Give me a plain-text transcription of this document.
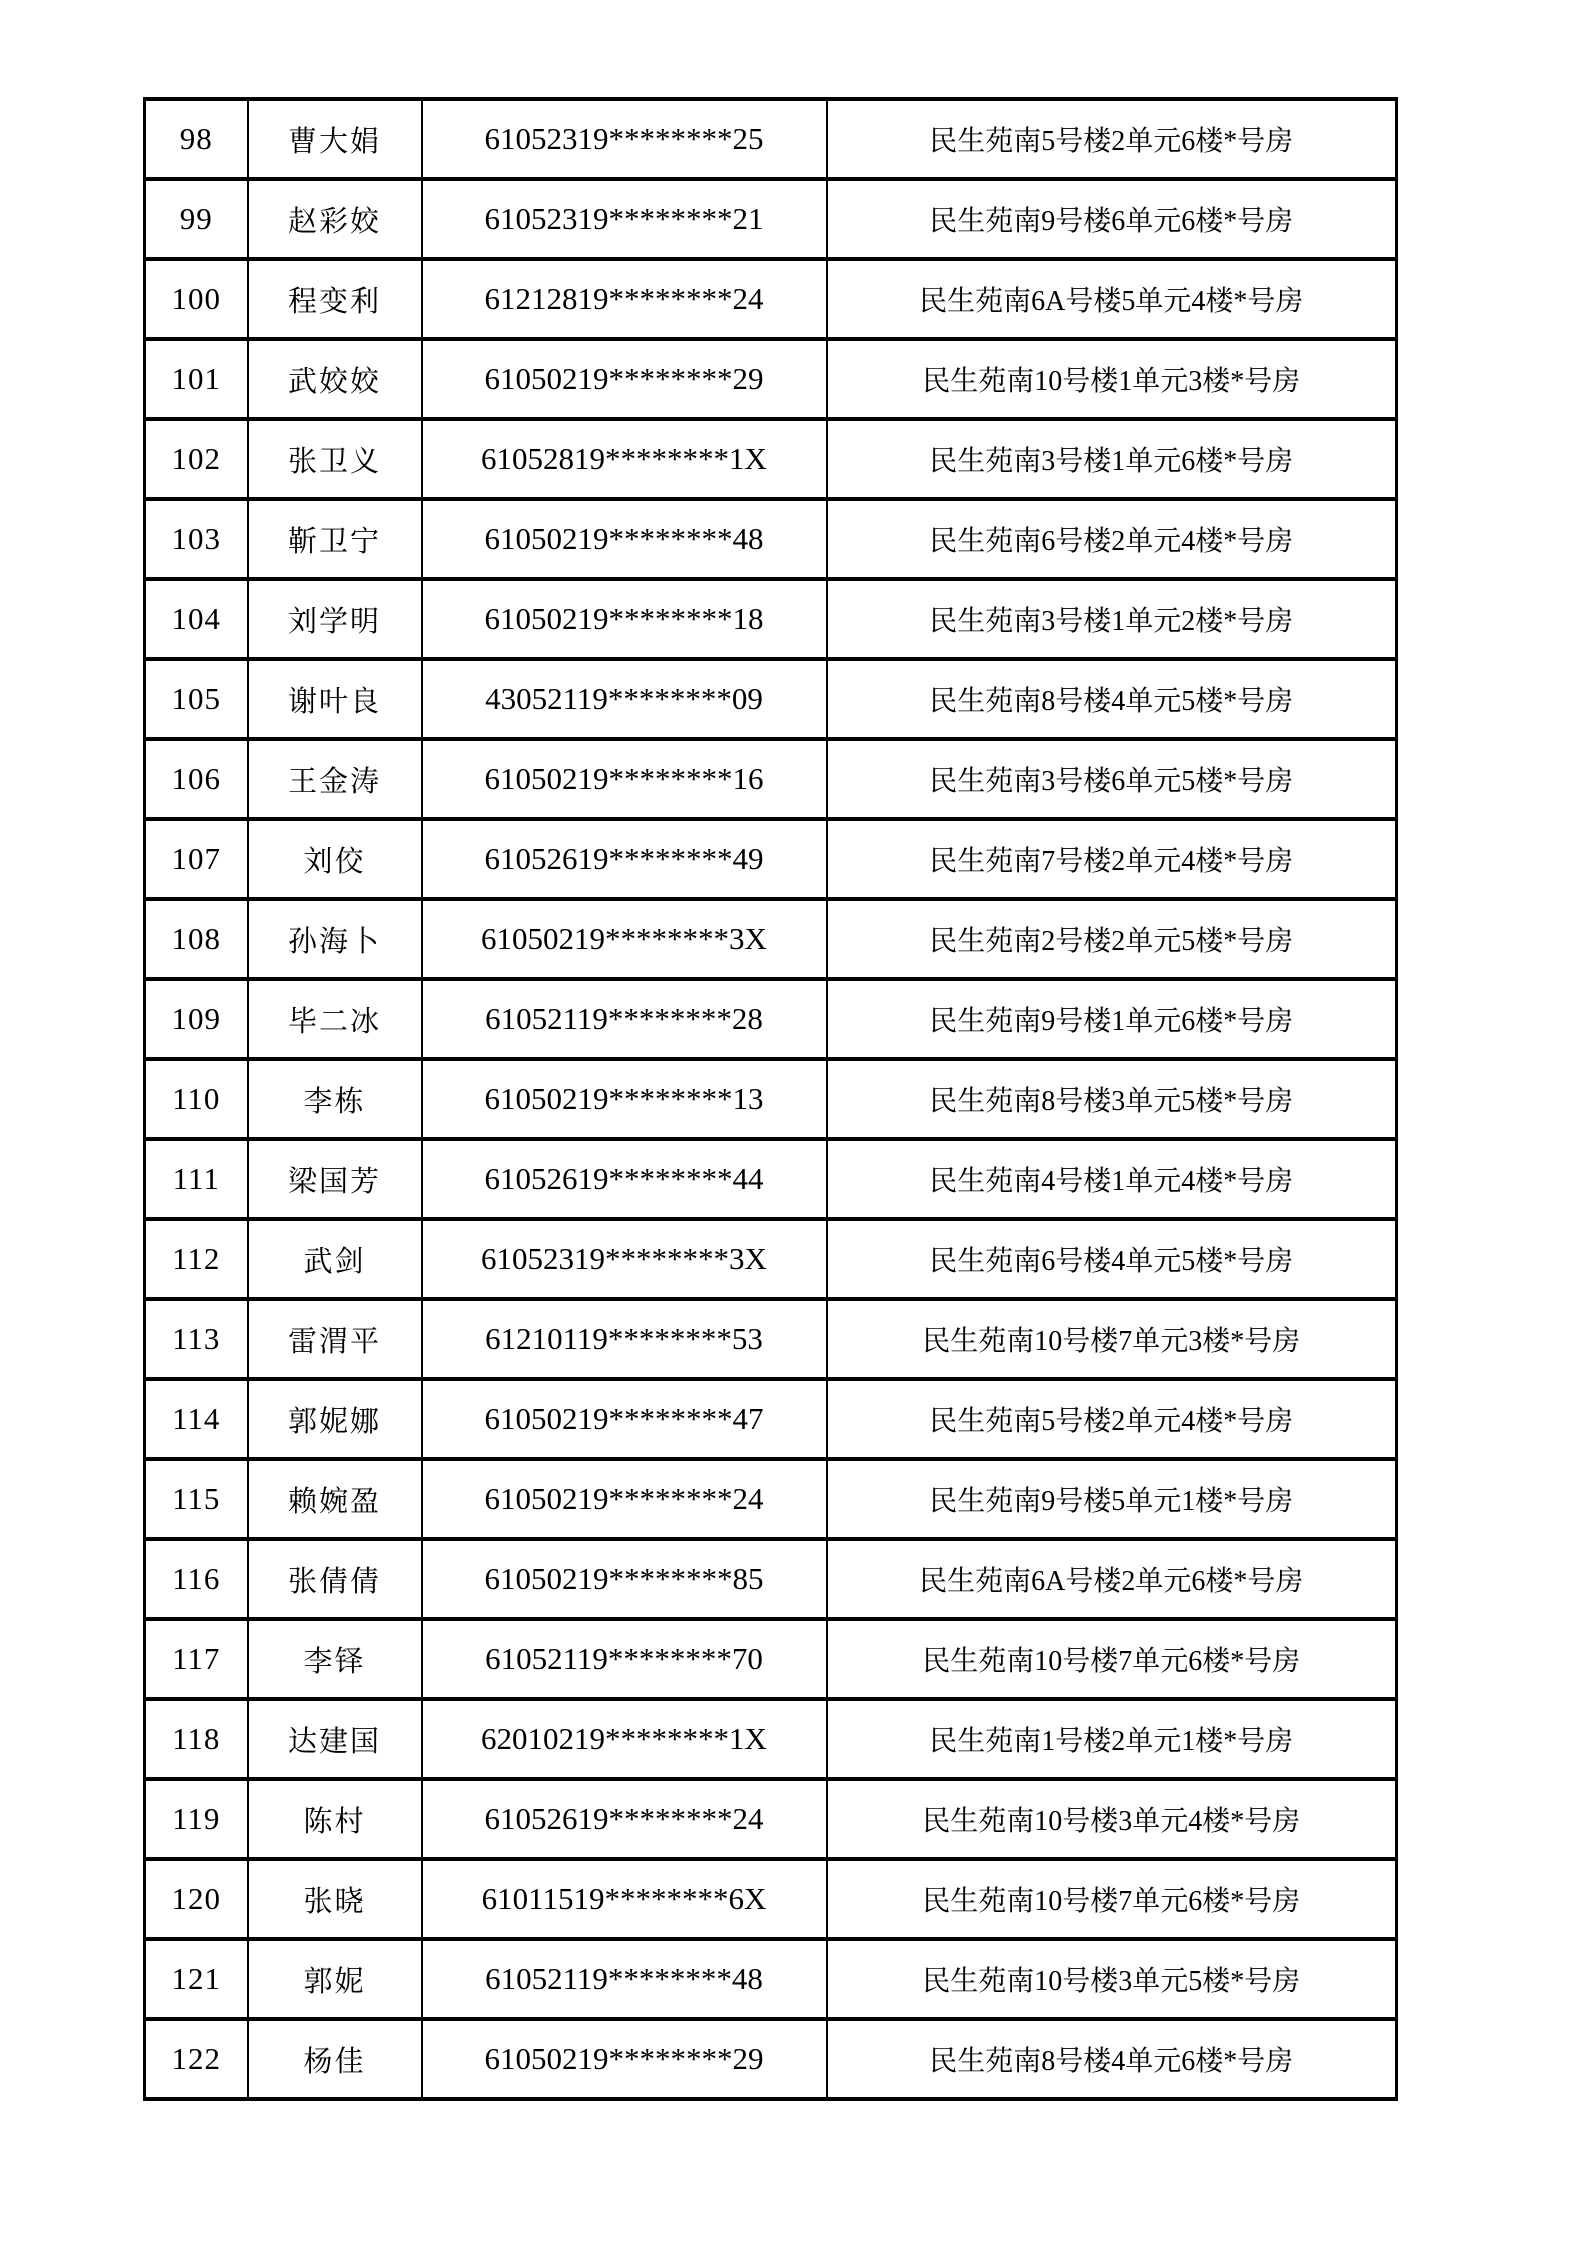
98	曹大娟	61052319********25	民生苑南5号楼2单元6楼*号房
99	赵彩姣	61052319********21	民生苑南9号楼6单元6楼*号房
100	程变利	61212819********24	民生苑南6A号楼5单元4楼*号房
101	武姣姣	61050219********29	民生苑南10号楼1单元3楼*号房
102	张卫义	61052819********1X	民生苑南3号楼1单元6楼*号房
103	靳卫宁	61050219********48	民生苑南6号楼2单元4楼*号房
104	刘学明	61050219********18	民生苑南3号楼1单元2楼*号房
105	谢叶良	43052119********09	民生苑南8号楼4单元5楼*号房
106	王金涛	61050219********16	民生苑南3号楼6单元5楼*号房
107	刘佼	61052619********49	民生苑南7号楼2单元4楼*号房
108	孙海卜	61050219********3X	民生苑南2号楼2单元5楼*号房
109	毕二冰	61052119********28	民生苑南9号楼1单元6楼*号房
110	李栋	61050219********13	民生苑南8号楼3单元5楼*号房
111	梁国芳	61052619********44	民生苑南4号楼1单元4楼*号房
112	武剑	61052319********3X	民生苑南6号楼4单元5楼*号房
113	雷渭平	61210119********53	民生苑南10号楼7单元3楼*号房
114	郭妮娜	61050219********47	民生苑南5号楼2单元4楼*号房
115	赖婉盈	61050219********24	民生苑南9号楼5单元1楼*号房
116	张倩倩	61050219********85	民生苑南6A号楼2单元6楼*号房
117	李铎	61052119********70	民生苑南10号楼7单元6楼*号房
118	达建国	62010219********1X	民生苑南1号楼2单元1楼*号房
119	陈村	61052619********24	民生苑南10号楼3单元4楼*号房
120	张晓	61011519********6X	民生苑南10号楼7单元6楼*号房
121	郭妮	61052119********48	民生苑南10号楼3单元5楼*号房
122	杨佳	61050219********29	民生苑南8号楼4单元6楼*号房
